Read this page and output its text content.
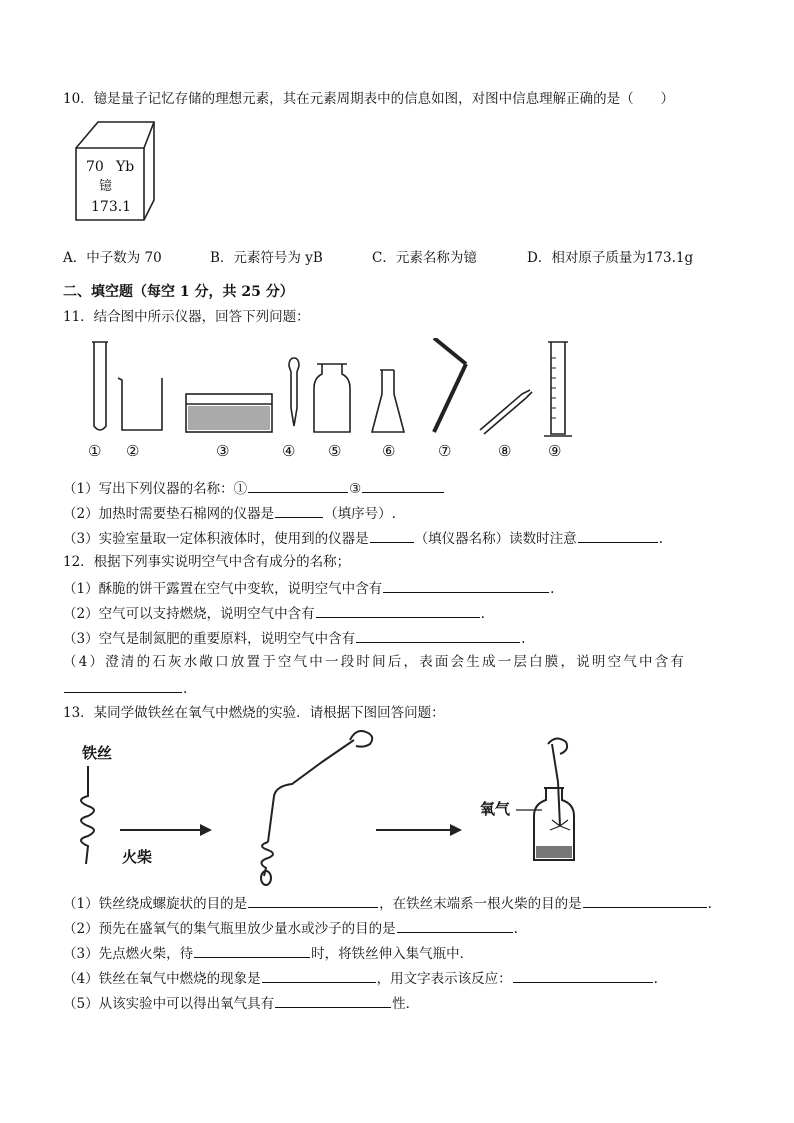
10．镱是量子记忆存储的理想元素，其在元素周期表中的信息如图，对图中信息理解正确的是（　　）
70 Yb
镱
173.1
A．中子数为 70	B．元素符号为 yB	C．元素名称为镱	D．相对原子质量为173.1g
二、填空题（每空 1 分，共 25 分）
11．结合图中所示仪器，回答下列问题：
① ②	③	④ ⑤	⑥	⑦	⑧ ⑨
（1）写出下列仪器的名称：①	③
（2）加热时需要垫石棉网的仪器是	（填序号）.
（3）实验室量取一定体积液体时，使用到的仪器是	（填仪器名称）读数时注意	.
12．根据下列事实说明空气中含有成分的名称；
（1）酥脆的饼干露置在空气中变软，说明空气中含有	.
（2）空气可以支持燃烧，说明空气中含有	.
（3）空气是制氮肥的重要原料，说明空气中含有	.
（4）澄清的石灰水敞口放置于空气中一段时间后，表面会生成一层白膜，说明空气中含有
.
13．某同学做铁丝在氧气中燃烧的实验．请根据下图回答问题：
铁丝
火柴
氧气
（1）铁丝绕成螺旋状的目的是	，在铁丝末端系一根火柴的目的是	.
（2）预先在盛氧气的集气瓶里放少量水或沙子的目的是	.
（3）先点燃火柴，待	时，将铁丝伸入集气瓶中．
（4）铁丝在氧气中燃烧的现象是	，用文字表示该反应：	.
（5）从该实验中可以得出氧气具有	性．
